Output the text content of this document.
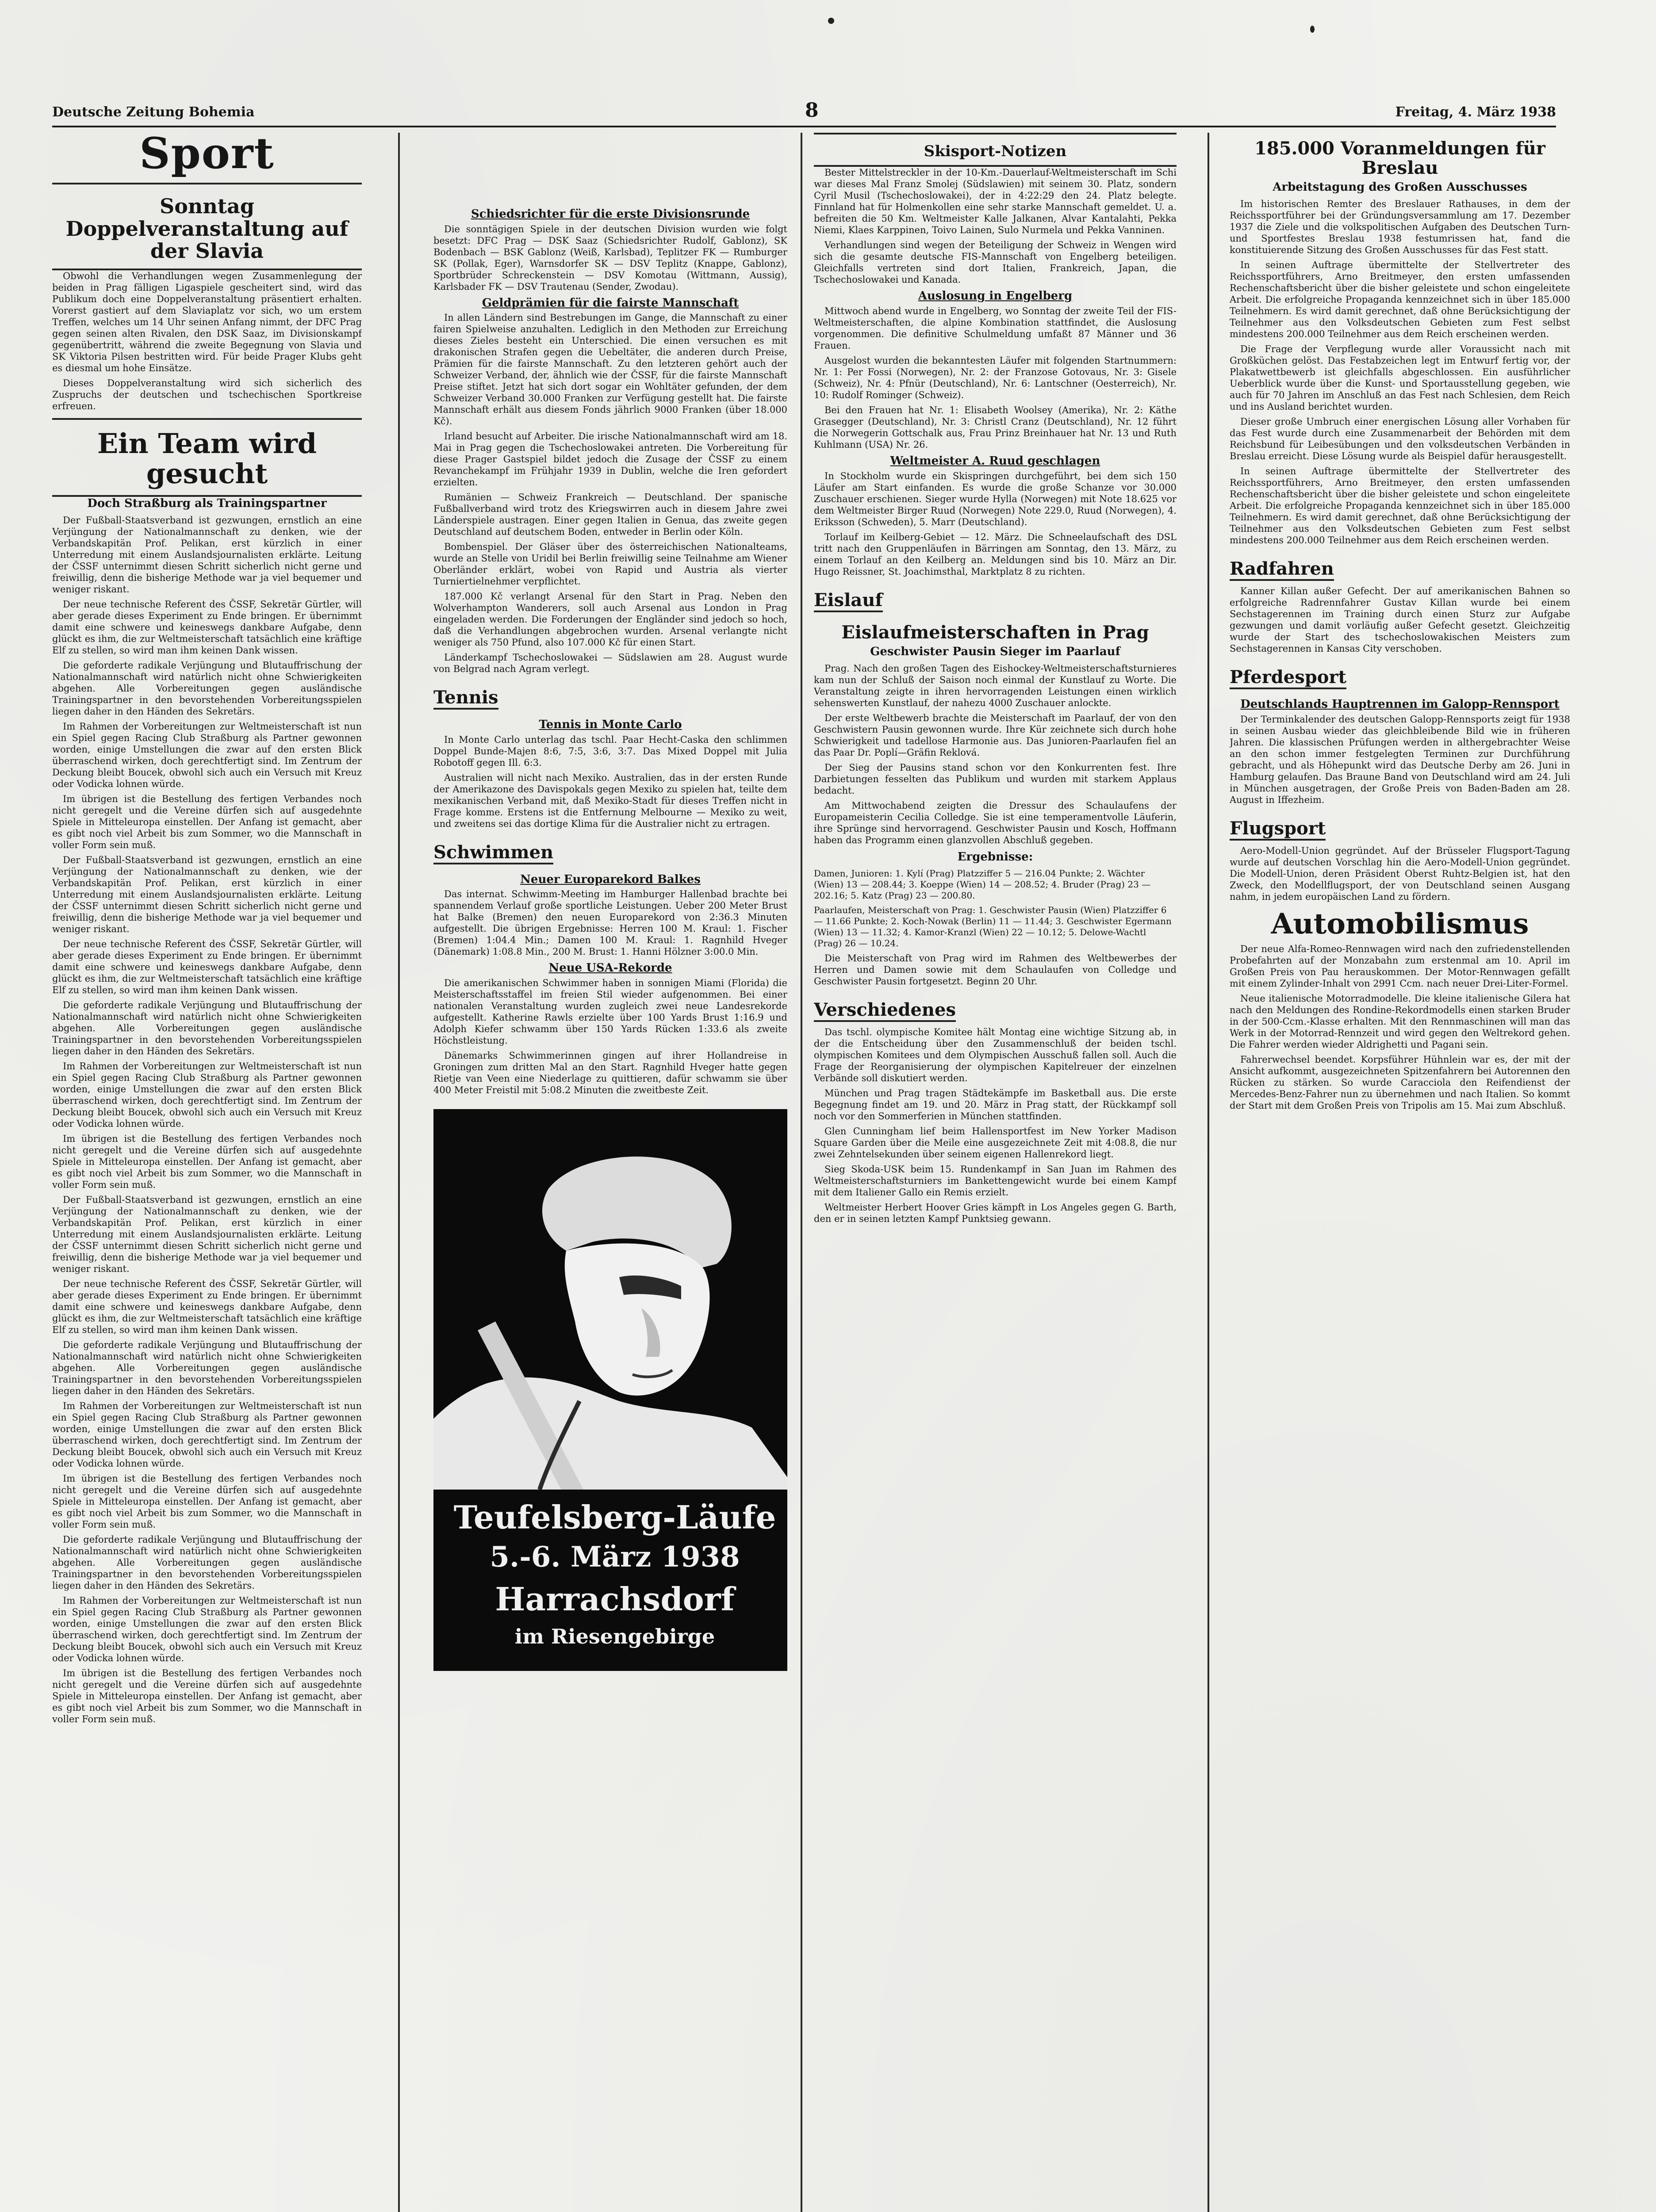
Deutsche Zeitung Bohemia	8	Freitag, 4. März 1938
Sport
Sonntag Doppelveranstaltung auf der Slavia

Obwohl die Verhandlungen wegen Zusammenlegung der beiden in Prag fälligen Ligaspiele gescheitert sind, wird das Publikum doch eine Doppelveranstaltung präsentiert erhalten. Vorerst gastiert auf dem Slaviaplatz vor sich, wo um erstem Treffen, welches um 14 Uhr seinen Anfang nimmt, der DFC Prag gegen seinen alten Rivalen, den DSK Saaz, im Divisionskampf gegenübertritt, während die zweite Begegnung von Slavia und SK Viktoria Pilsen bestritten wird. Für beide Prager Klubs geht es diesmal um hohe Einsätze.

Dieses Doppelveranstaltung wird sich sicherlich des Zuspruchs der deutschen und tschechischen Sportkreise erfreuen.

Ein Team wird gesucht
Doch Straßburg als Trainingspartner

Der Fußball-Staatsverband ist gezwungen, ernstlich an eine Verjüngung der Nationalmannschaft zu denken, wie der Verbandskapitän Prof. Pelikan, erst kürzlich in einer Unterredung mit einem Auslandsjournalisten erklärte. Leitung der ČSSF unternimmt diesen Schritt sicherlich nicht gerne und freiwillig, denn die bisherige Methode war ja viel bequemer und weniger riskant.

Der neue technische Referent des ČSSF, Sekretär Gürtler, will aber gerade dieses Experiment zu Ende bringen. Er übernimmt damit eine schwere und keineswegs dankbare Aufgabe, denn glückt es ihm, die zur Weltmeisterschaft tatsächlich eine kräftige Elf zu stellen, so wird man ihm keinen Dank wissen.

Die geforderte radikale Verjüngung und Blutauffrischung der Nationalmannschaft wird natürlich nicht ohne Schwierigkeiten abgehen. Alle Vorbereitungen gegen ausländische Trainingspartner in den bevorstehenden Vorbereitungsspielen liegen daher in den Händen des Sekretärs.

Im Rahmen der Vorbereitungen zur Weltmeisterschaft ist nun ein Spiel gegen Racing Club Straßburg als Partner gewonnen worden, einige Umstellungen die zwar auf den ersten Blick überraschend wirken, doch gerechtfertigt sind. Im Zentrum der Deckung bleibt Boucek, obwohl sich auch ein Versuch mit Kreuz oder Vodicka lohnen würde.

Im übrigen ist die Bestellung des fertigen Verbandes noch nicht geregelt und die Vereine dürfen sich auf ausgedehnte Spiele in Mitteleuropa einstellen. Der Anfang ist gemacht, aber es gibt noch viel Arbeit bis zum Sommer, wo die Mannschaft in voller Form sein muß.

Der Fußball-Staatsverband ist gezwungen, ernstlich an eine Verjüngung der Nationalmannschaft zu denken, wie der Verbandskapitän Prof. Pelikan, erst kürzlich in einer Unterredung mit einem Auslandsjournalisten erklärte. Leitung der ČSSF unternimmt diesen Schritt sicherlich nicht gerne und freiwillig, denn die bisherige Methode war ja viel bequemer und weniger riskant.

Der neue technische Referent des ČSSF, Sekretär Gürtler, will aber gerade dieses Experiment zu Ende bringen. Er übernimmt damit eine schwere und keineswegs dankbare Aufgabe, denn glückt es ihm, die zur Weltmeisterschaft tatsächlich eine kräftige Elf zu stellen, so wird man ihm keinen Dank wissen.

Die geforderte radikale Verjüngung und Blutauffrischung der Nationalmannschaft wird natürlich nicht ohne Schwierigkeiten abgehen. Alle Vorbereitungen gegen ausländische Trainingspartner in den bevorstehenden Vorbereitungsspielen liegen daher in den Händen des Sekretärs.

Im Rahmen der Vorbereitungen zur Weltmeisterschaft ist nun ein Spiel gegen Racing Club Straßburg als Partner gewonnen worden, einige Umstellungen die zwar auf den ersten Blick überraschend wirken, doch gerechtfertigt sind. Im Zentrum der Deckung bleibt Boucek, obwohl sich auch ein Versuch mit Kreuz oder Vodicka lohnen würde.

Im übrigen ist die Bestellung des fertigen Verbandes noch nicht geregelt und die Vereine dürfen sich auf ausgedehnte Spiele in Mitteleuropa einstellen. Der Anfang ist gemacht, aber es gibt noch viel Arbeit bis zum Sommer, wo die Mannschaft in voller Form sein muß.

Der Fußball-Staatsverband ist gezwungen, ernstlich an eine Verjüngung der Nationalmannschaft zu denken, wie der Verbandskapitän Prof. Pelikan, erst kürzlich in einer Unterredung mit einem Auslandsjournalisten erklärte. Leitung der ČSSF unternimmt diesen Schritt sicherlich nicht gerne und freiwillig, denn die bisherige Methode war ja viel bequemer und weniger riskant.

Der neue technische Referent des ČSSF, Sekretär Gürtler, will aber gerade dieses Experiment zu Ende bringen. Er übernimmt damit eine schwere und keineswegs dankbare Aufgabe, denn glückt es ihm, die zur Weltmeisterschaft tatsächlich eine kräftige Elf zu stellen, so wird man ihm keinen Dank wissen.

Die geforderte radikale Verjüngung und Blutauffrischung der Nationalmannschaft wird natürlich nicht ohne Schwierigkeiten abgehen. Alle Vorbereitungen gegen ausländische Trainingspartner in den bevorstehenden Vorbereitungsspielen liegen daher in den Händen des Sekretärs.

Im Rahmen der Vorbereitungen zur Weltmeisterschaft ist nun ein Spiel gegen Racing Club Straßburg als Partner gewonnen worden, einige Umstellungen die zwar auf den ersten Blick überraschend wirken, doch gerechtfertigt sind. Im Zentrum der Deckung bleibt Boucek, obwohl sich auch ein Versuch mit Kreuz oder Vodicka lohnen würde.

Im übrigen ist die Bestellung des fertigen Verbandes noch nicht geregelt und die Vereine dürfen sich auf ausgedehnte Spiele in Mitteleuropa einstellen. Der Anfang ist gemacht, aber es gibt noch viel Arbeit bis zum Sommer, wo die Mannschaft in voller Form sein muß.

Die geforderte radikale Verjüngung und Blutauffrischung der Nationalmannschaft wird natürlich nicht ohne Schwierigkeiten abgehen. Alle Vorbereitungen gegen ausländische Trainingspartner in den bevorstehenden Vorbereitungsspielen liegen daher in den Händen des Sekretärs.

Im Rahmen der Vorbereitungen zur Weltmeisterschaft ist nun ein Spiel gegen Racing Club Straßburg als Partner gewonnen worden, einige Umstellungen die zwar auf den ersten Blick überraschend wirken, doch gerechtfertigt sind. Im Zentrum der Deckung bleibt Boucek, obwohl sich auch ein Versuch mit Kreuz oder Vodicka lohnen würde.

Im übrigen ist die Bestellung des fertigen Verbandes noch nicht geregelt und die Vereine dürfen sich auf ausgedehnte Spiele in Mitteleuropa einstellen. Der Anfang ist gemacht, aber es gibt noch viel Arbeit bis zum Sommer, wo die Mannschaft in voller Form sein muß.

Schiedsrichter für die erste Divisionsrunde

Die sonntägigen Spiele in der deutschen Division wurden wie folgt besetzt: DFC Prag — DSK Saaz (Schiedsrichter Rudolf, Gablonz), SK Bodenbach — BSK Gablonz (Weiß, Karlsbad), Teplitzer FK — Rumburger SK (Pollak, Eger), Warnsdorfer SK — DSV Teplitz (Knappe, Gablonz), Sportbrüder Schreckenstein — DSV Komotau (Wittmann, Aussig), Karlsbader FK — DSV Trautenau (Sender, Zwodau).

Geldprämien für die fairste Mannschaft

In allen Ländern sind Bestrebungen im Gange, die Mannschaft zu einer fairen Spielweise anzuhalten. Lediglich in den Methoden zur Erreichung dieses Zieles besteht ein Unterschied. Die einen versuchen es mit drakonischen Strafen gegen die Uebeltäter, die anderen durch Preise, Prämien für die fairste Mannschaft. Zu den letzteren gehört auch der Schweizer Verband, der, ähnlich wie der ČSSF, für die fairste Mannschaft Preise stiftet. Jetzt hat sich dort sogar ein Wohltäter gefunden, der dem Schweizer Verband 30.000 Franken zur Verfügung gestellt hat. Die fairste Mannschaft erhält aus diesem Fonds jährlich 9000 Franken (über 18.000 Kč).

Irland besucht auf Arbeiter. Die irische Nationalmannschaft wird am 18. Mai in Prag gegen die Tschechoslowakei antreten. Die Vorbereitung für diese Prager Gastspiel bildet jedoch die Zusage der ČSSF zu einem Revanchekampf im Frühjahr 1939 in Dublin, welche die Iren gefordert erzielten.

Rumänien — Schweiz Frankreich — Deutschland. Der spanische Fußballverband wird trotz des Kriegswirren auch in diesem Jahre zwei Länderspiele austragen. Einer gegen Italien in Genua, das zweite gegen Deutschland auf deutschem Boden, entweder in Berlin oder Köln.

Bombenspiel. Der Gläser über des österreichischen Nationalteams, wurde an Stelle von Uridil bei Berlin freiwillig seine Teilnahme am Wiener Oberländer erklärt, wobei von Rapid und Austria als vierter Turniertielnehmer verpflichtet.

187.000 Kč verlangt Arsenal für den Start in Prag. Neben den Wolverhampton Wanderers, soll auch Arsenal aus London in Prag eingeladen werden. Die Forderungen der Engländer sind jedoch so hoch, daß die Verhandlungen abgebrochen wurden. Arsenal verlangte nicht weniger als 750 Pfund, also 107.000 Kč für einen Start.

Länderkampf Tschechoslowakei — Südslawien am 28. August wurde von Belgrad nach Agram verlegt.

Tennis
Tennis in Monte Carlo

In Monte Carlo unterlag das tschl. Paar Hecht-Caska den schlimmen Doppel Bunde-Majen 8:6, 7:5, 3:6, 3:7. Das Mixed Doppel mit Julia Robotoff gegen Ill. 6:3.

Australien will nicht nach Mexiko. Australien, das in der ersten Runde der Amerikazone des Davispokals gegen Mexiko zu spielen hat, teilte dem mexikanischen Verband mit, daß Mexiko-Stadt für dieses Treffen nicht in Frage komme. Erstens ist die Entfernung Melbourne — Mexiko zu weit, und zweitens sei das dortige Klima für die Australier nicht zu ertragen.

Schwimmen
Neuer Europarekord Balkes

Das internat. Schwimm-Meeting im Hamburger Hallenbad brachte bei spannendem Verlauf große sportliche Leistungen. Ueber 200 Meter Brust hat Balke (Bremen) den neuen Europarekord von 2:36.3 Minuten aufgestellt. Die übrigen Ergebnisse: Herren 100 M. Kraul: 1. Fischer (Bremen) 1:04.4 Min.; Damen 100 M. Kraul: 1. Ragnhild Hveger (Dänemark) 1:08.8 Min., 200 M. Brust: 1. Hanni Hölzner 3:00.0 Min.

Neue USA-Rekorde

Die amerikanischen Schwimmer haben in sonnigen Miami (Florida) die Meisterschaftsstaffel im freien Stil wieder aufgenommen. Bei einer nationalen Veranstaltung wurden zugleich zwei neue Landesrekorde aufgestellt. Katherine Rawls erzielte über 100 Yards Brust 1:16.9 und Adolph Kiefer schwamm über 150 Yards Rücken 1:33.6 als zweite Höchstleistung.

Dänemarks Schwimmerinnen gingen auf ihrer Hollandreise in Groningen zum dritten Mal an den Start. Ragnhild Hveger hatte gegen Rietje van Veen eine Niederlage zu quittieren, dafür schwamm sie über 400 Meter Freistil mit 5:08.2 Minuten die zweitbeste Zeit.

Teufelsberg-Läufe
5.-6. März 1938
Harrachsdorf
im Riesengebirge
Skisport-Notizen

Bester Mittelstreckler in der 10-Km.-Dauerlauf-Weltmeisterschaft im Schi war dieses Mal Franz Smolej (Südslawien) mit seinem 30. Platz, sondern Cyril Musil (Tschechoslowakei), der in 4:22:29 den 24. Platz belegte. Finnland hat für Holmenkollen eine sehr starke Mannschaft gemeldet. U. a. befreiten die 50 Km. Weltmeister Kalle Jalkanen, Alvar Kantalahti, Pekka Niemi, Klaes Karppinen, Toivo Lainen, Sulo Nurmela und Pekka Vanninen.

Verhandlungen sind wegen der Beteiligung der Schweiz in Wengen wird sich die gesamte deutsche FIS-Mannschaft von Engelberg beteiligen. Gleichfalls vertreten sind dort Italien, Frankreich, Japan, die Tschechoslowakei und Kanada.

Auslosung in Engelberg

Mittwoch abend wurde in Engelberg, wo Sonntag der zweite Teil der FIS-Weltmeisterschaften, die alpine Kombination stattfindet, die Auslosung vorgenommen. Die definitive Schulmeldung umfaßt 87 Männer und 36 Frauen.

Ausgelost wurden die bekanntesten Läufer mit folgenden Startnummern: Nr. 1: Per Fossi (Norwegen), Nr. 2: der Franzose Gotovaus, Nr. 3: Gisele (Schweiz), Nr. 4: Pfnür (Deutschland), Nr. 6: Lantschner (Oesterreich), Nr. 10: Rudolf Rominger (Schweiz).

Bei den Frauen hat Nr. 1: Elisabeth Woolsey (Amerika), Nr. 2: Käthe Grasegger (Deutschland), Nr. 3: Christl Cranz (Deutschland), Nr. 12 führt die Norwegerin Gottschalk aus, Frau Prinz Breinhauer hat Nr. 13 und Ruth Kuhlmann (USA) Nr. 26.

Weltmeister A. Ruud geschlagen

In Stockholm wurde ein Skispringen durchgeführt, bei dem sich 150 Läufer am Start einfanden. Es wurde die große Schanze vor 30.000 Zuschauer erschienen. Sieger wurde Hylla (Norwegen) mit Note 18.625 vor dem Weltmeister Birger Ruud (Norwegen) Note 229.0, Ruud (Norwegen), 4. Eriksson (Schweden), 5. Marr (Deutschland).

Torlauf im Keilberg-Gebiet — 12. März. Die Schneelaufschaft des DSL tritt nach den Gruppenläufen in Bärringen am Sonntag, den 13. März, zu einem Torlauf an den Keilberg an. Meldungen sind bis 10. März an Dir. Hugo Reissner, St. Joachimsthal, Marktplatz 8 zu richten.

Eislauf
Eislaufmeisterschaften in Prag
Geschwister Pausin Sieger im Paarlauf

Prag. Nach den großen Tagen des Eishockey-Weltmeisterschaftsturnieres kam nun der Schluß der Saison noch einmal der Kunstlauf zu Worte. Die Veranstaltung zeigte in ihren hervorragenden Leistungen einen wirklich sehenswerten Kunstlauf, der nahezu 4000 Zuschauer anlockte.

Der erste Weltbewerb brachte die Meisterschaft im Paarlauf, der von den Geschwistern Pausin gewonnen wurde. Ihre Kür zeichnete sich durch hohe Schwierigkeit und tadellose Harmonie aus. Das Junioren-Paarlaufen fiel an das Paar Dr. Poplí—Gräfin Reklová.

Der Sieg der Pausins stand schon vor den Konkurrenten fest. Ihre Darbietungen fesselten das Publikum und wurden mit starkem Applaus bedacht.

Am Mittwochabend zeigten die Dressur des Schaulaufens der Europameisterin Cecilia Colledge. Sie ist eine temperamentvolle Läuferin, ihre Sprünge sind hervorragend. Geschwister Pausin und Kosch, Hoffmann haben das Programm einen glanzvollen Abschluß gegeben.

Ergebnisse:

Damen, Junioren: 1. Kylí (Prag) Platzziffer 5 — 216.04 Punkte; 2. Wächter (Wien) 13 — 208.44; 3. Koeppe (Wien) 14 — 208.52; 4. Bruder (Prag) 23 — 202.16; 5. Katz (Prag) 23 — 200.80.

Paarlaufen, Meisterschaft von Prag: 1. Geschwister Pausin (Wien) Platzziffer 6 — 11.66 Punkte; 2. Koch-Nowak (Berlin) 11 — 11.44; 3. Geschwister Egermann (Wien) 13 — 11.32; 4. Kamor-Kranzl (Wien) 22 — 10.12; 5. Delowe-Wachtl (Prag) 26 — 10.24.

Die Meisterschaft von Prag wird im Rahmen des Weltbewerbes der Herren und Damen sowie mit dem Schaulaufen von Colledge und Geschwister Pausin fortgesetzt. Beginn 20 Uhr.

Verschiedenes

Das tschl. olympische Komitee hält Montag eine wichtige Sitzung ab, in der die Entscheidung über den Zusammenschluß der beiden tschl. olympischen Komitees und dem Olympischen Ausschuß fallen soll. Auch die Frage der Reorganisierung der olympischen Kapitelreuer der einzelnen Verbände soll diskutiert werden.

München und Prag tragen Städtekämpfe im Basketball aus. Die erste Begegnung findet am 19. und 20. März in Prag statt, der Rückkampf soll noch vor den Sommerferien in München stattfinden.

Glen Cunningham lief beim Hallensportfest im New Yorker Madison Square Garden über die Meile eine ausgezeichnete Zeit mit 4:08.8, die nur zwei Zehntelsekunden über seinem eigenen Hallenrekord liegt.

Sieg Skoda-USK beim 15. Rundenkampf in San Juan im Rahmen des Weltmeisterschaftsturniers im Bankettengewicht wurde bei einem Kampf mit dem Italiener Gallo ein Remis erzielt.

Weltmeister Herbert Hoover Gries kämpft in Los Angeles gegen G. Barth, den er in seinen letzten Kampf Punktsieg gewann.

185.000 Voranmeldungen für Breslau
Arbeitstagung des Großen Ausschusses

Im historischen Remter des Breslauer Rathauses, in dem der Reichssportführer bei der Gründungsversammlung am 17. Dezember 1937 die Ziele und die volkspolitischen Aufgaben des Deutschen Turn- und Sportfestes Breslau 1938 festumrissen hat, fand die konstituierende Sitzung des Großen Ausschusses für das Fest statt.

In seinen Auftrage übermittelte der Stellvertreter des Reichssportführers, Arno Breitmeyer, den ersten umfassenden Rechenschaftsbericht über die bisher geleistete und schon eingeleitete Arbeit. Die erfolgreiche Propaganda kennzeichnet sich in über 185.000 Teilnehmern. Es wird damit gerechnet, daß ohne Berücksichtigung der Teilnehmer aus den Volksdeutschen Gebieten zum Fest selbst mindestens 200.000 Teilnehmer aus dem Reich erscheinen werden.

Die Frage der Verpflegung wurde aller Voraussicht nach mit Großküchen gelöst. Das Festabzeichen legt im Entwurf fertig vor, der Plakatwettbewerb ist gleichfalls abgeschlossen. Ein ausführlicher Ueberblick wurde über die Kunst- und Sportausstellung gegeben, wie auch für 70 Jahren im Anschluß an das Fest nach Schlesien, dem Reich und ins Ausland berichtet wurden.

Dieser große Umbruch einer energischen Lösung aller Vorhaben für das Fest wurde durch eine Zusammenarbeit der Behörden mit dem Reichsbund für Leibesübungen und den volksdeutschen Verbänden in Breslau erreicht. Diese Lösung wurde als Beispiel dafür herausgestellt.

In seinen Auftrage übermittelte der Stellvertreter des Reichssportführers, Arno Breitmeyer, den ersten umfassenden Rechenschaftsbericht über die bisher geleistete und schon eingeleitete Arbeit. Die erfolgreiche Propaganda kennzeichnet sich in über 185.000 Teilnehmern. Es wird damit gerechnet, daß ohne Berücksichtigung der Teilnehmer aus den Volksdeutschen Gebieten zum Fest selbst mindestens 200.000 Teilnehmer aus dem Reich erscheinen werden.

Radfahren

Kanner Killan außer Gefecht. Der auf amerikanischen Bahnen so erfolgreiche Radrennfahrer Gustav Killan wurde bei einem Sechstagerennen im Training durch einen Sturz zur Aufgabe gezwungen und damit vorläufig außer Gefecht gesetzt. Gleichzeitig wurde der Start des tschechoslowakischen Meisters zum Sechstagerennen in Kansas City verschoben.

Pferdesport
Deutschlands Hauptrennen im Galopp-Rennsport

Der Terminkalender des deutschen Galopp-Rennsports zeigt für 1938 in seinen Ausbau wieder das gleichbleibende Bild wie in früheren Jahren. Die klassischen Prüfungen werden in althergebrachter Weise an den schon immer festgelegten Terminen zur Durchführung gebracht, und als Höhepunkt wird das Deutsche Derby am 26. Juni in Hamburg gelaufen. Das Braune Band von Deutschland wird am 24. Juli in München ausgetragen, der Große Preis von Baden-Baden am 28. August in Iffezheim.

Flugsport

Aero-Modell-Union gegründet. Auf der Brüsseler Flugsport-Tagung wurde auf deutschen Vorschlag hin die Aero-Modell-Union gegründet. Die Modell-Union, deren Präsident Oberst Ruhtz-Belgien ist, hat den Zweck, den Modellflugsport, der von Deutschland seinen Ausgang nahm, in jedem europäischen Land zu fördern.

Automobilismus

Der neue Alfa-Romeo-Rennwagen wird nach den zufriedenstellenden Probefahrten auf der Monzabahn zum erstenmal am 10. April im Großen Preis von Pau herauskommen. Der Motor-Rennwagen gefällt mit einem Zylinder-Inhalt von 2991 Ccm. nach neuer Drei-Liter-Formel.

Neue italienische Motorradmodelle. Die kleine italienische Gilera hat nach den Meldungen des Rondine-Rekordmodells einen starken Bruder in der 500-Ccm.-Klasse erhalten. Mit den Rennmaschinen will man das Werk in der Motorrad-Rennzeit und wird gegen den Weltrekord gehen. Die Fahrer werden wieder Aldrighetti und Pagani sein.

Fahrerwechsel beendet. Korpsführer Hühnlein war es, der mit der Ansicht aufkommt, ausgezeichneten Spitzenfahrern bei Autorennen den Rücken zu stärken. So wurde Caracciola den Reifendienst der Mercedes-Benz-Fahrer nun zu übernehmen und nach Italien. So kommt der Start mit dem Großen Preis von Tripolis am 15. Mai zum Abschluß.
